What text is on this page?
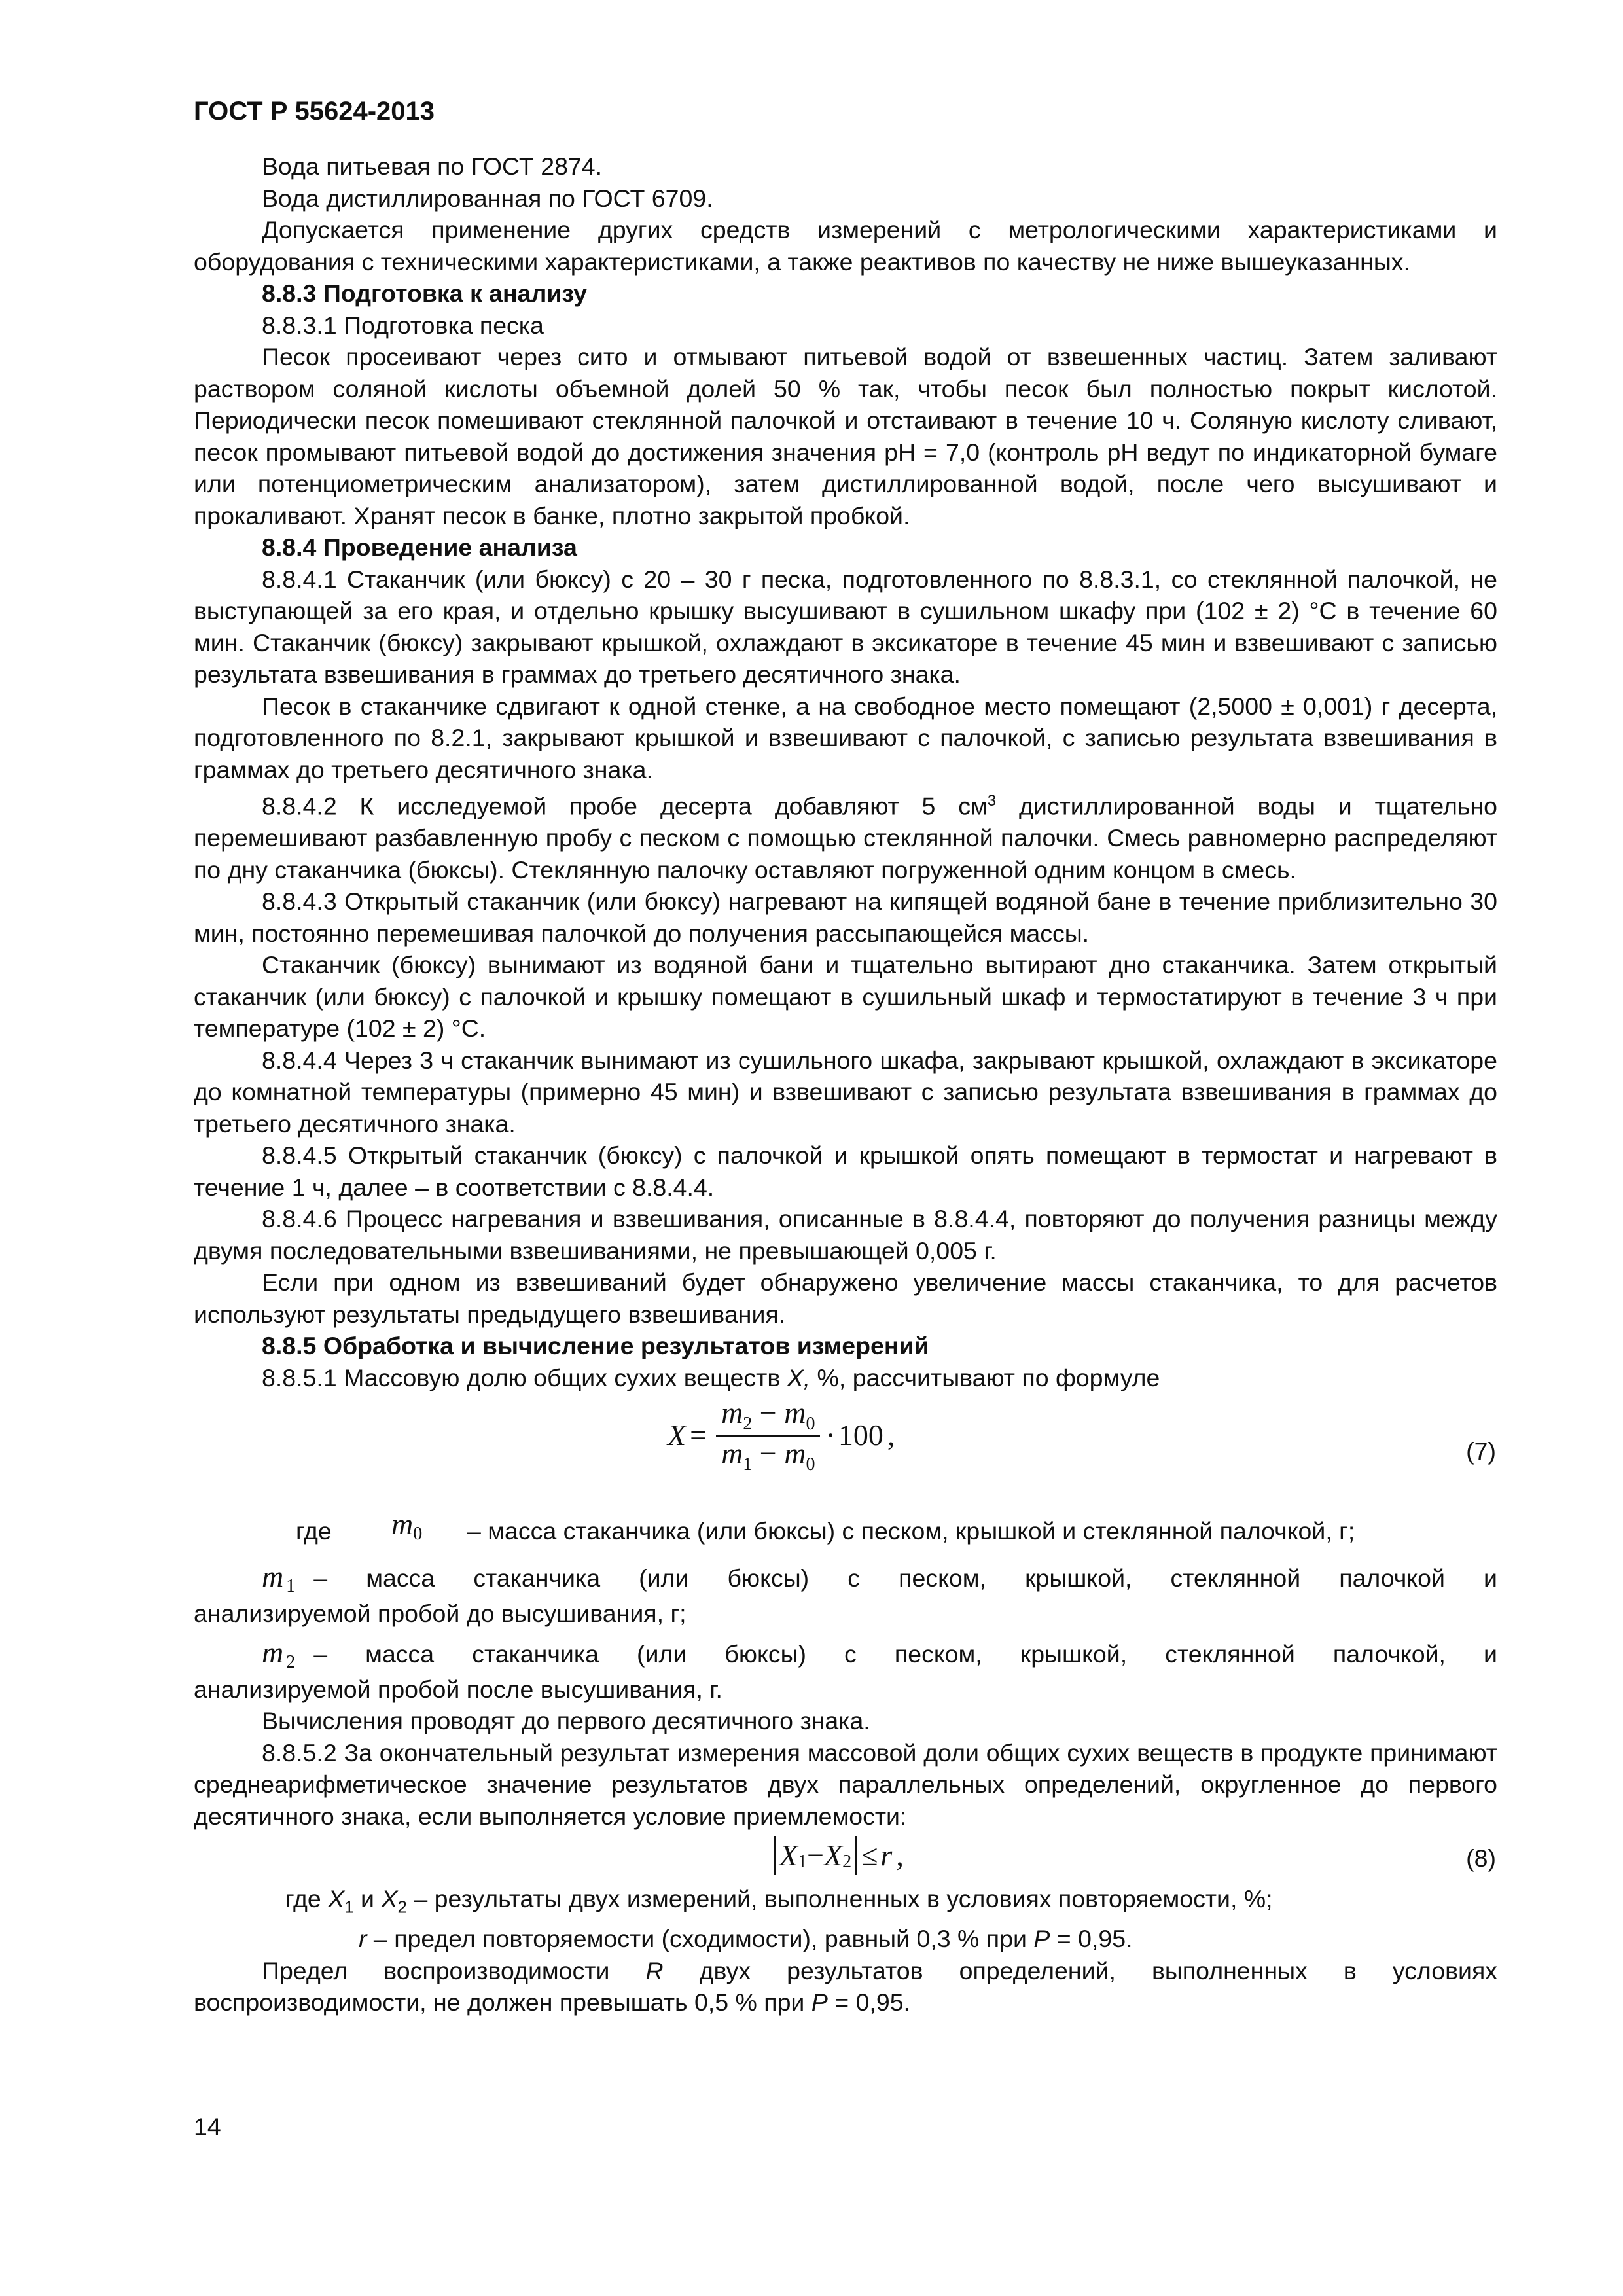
ГОСТ Р 55624-2013

Вода питьевая по ГОСТ 2874.

Вода дистиллированная по ГОСТ 6709.

Допускается применение других средств измерений с метрологическими характеристиками и оборудования с техническими характеристиками, а также реактивов по качеству не ниже вышеуказанных.

8.8.3 Подготовка к анализу

8.8.3.1 Подготовка песка

Песок просеивают через сито и отмывают питьевой водой от взвешенных частиц. Затем заливают раствором соляной кислоты объемной долей 50 % так, чтобы песок был полностью покрыт кислотой. Периодически песок помешивают стеклянной палочкой и отстаивают в течение 10 ч. Соляную кислоту сливают, песок промывают питьевой водой до достижения значения pH = 7,0 (контроль pH ведут по индикаторной бумаге или потенциометрическим анализатором), затем дистиллированной водой, после чего высушивают и прокаливают. Хранят песок в банке, плотно закрытой пробкой.

8.8.4 Проведение анализа

8.8.4.1 Стаканчик (или бюксу) с 20 – 30 г песка, подготовленного по 8.8.3.1, со стеклянной палочкой, не выступающей за его края, и отдельно крышку высушивают в сушильном шкафу при (102 ± 2) °С в течение 60 мин. Стаканчик (бюксу) закрывают крышкой, охлаждают в эксикаторе в течение 45 мин и взвешивают с записью результата взвешивания в граммах до третьего десятичного знака.

Песок в стаканчике сдвигают к одной стенке, а на свободное место помещают (2,5000 ± 0,001) г десерта, подготовленного по 8.2.1, закрывают крышкой и взвешивают с палочкой, с записью результата взвешивания в граммах до третьего десятичного знака.

8.8.4.2 К исследуемой пробе десерта добавляют 5 $см^3$ дистиллированной воды и тщательно перемешивают разбавленную пробу с песком с помощью стеклянной палочки. Смесь равномерно распределяют по дну стаканчика (бюксы). Стеклянную палочку оставляют погруженной одним концом в смесь.

8.8.4.3 Открытый стаканчик (или бюксу) нагревают на кипящей водяной бане в течение приблизительно 30 мин, постоянно перемешивая палочкой до получения рассыпающейся массы.

Стаканчик (бюксу) вынимают из водяной бани и тщательно вытирают дно стаканчика. Затем открытый стаканчик (или бюксу) с палочкой и крышку помещают в сушильный шкаф и термостатируют в течение 3 ч при температуре (102 ± 2) °С.

8.8.4.4 Через 3 ч стаканчик вынимают из сушильного шкафа, закрывают крышкой, охлаждают в эксикаторе до комнатной температуры (примерно 45 мин) и взвешивают с записью результата взвешивания в граммах до третьего десятичного знака.

8.8.4.5 Открытый стаканчик (бюксу) с палочкой и крышкой опять помещают в термостат и нагревают в течение 1 ч, далее – в соответствии с 8.8.4.4.

8.8.4.6 Процесс нагревания и взвешивания, описанные в 8.8.4.4, повторяют до получения разницы между двумя последовательными взвешиваниями, не превышающей 0,005 г.

Если при одном из взвешиваний будет обнаружено увеличение массы стаканчика, то для расчетов используют результаты предыдущего взвешивания.

8.8.5 Обработка и вычисление результатов измерений

8.8.5.1 Массовую долю общих сухих веществ X, %, рассчитывают по формуле

$X = \frac{m_2 - m_0}{m_1 - m_0} \cdot 100$ ,	(7)
где $m_0$ – масса стаканчика (или бюксы) с песком, крышкой и стеклянной палочкой, г;
m $_1$ – масса стаканчика (или бюксы) с песком, крышкой, стеклянной палочкой и

анализируемой пробой до высушивания, г;

m $_2$ – масса стаканчика (или бюксы) с песком, крышкой, стеклянной палочкой, и

анализируемой пробой после высушивания, г.

Вычисления проводят до первого десятичного знака.

8.8.5.2 За окончательный результат измерения массовой доли общих сухих веществ в продукте принимают среднеарифметическое значение результатов двух параллельных определений, округленное до первого десятичного знака, если выполняется условие приемлемости:

X 1 − X 2 ≤ r ,	(8)

где $X_1$ и $X_2$ – результаты двух измерений, выполненных в условиях повторяемости, %;

r – предел повторяемости (сходимости), равный 0,3 % при P = 0,95.

Предел воспроизводимости R двух результатов определений, выполненных в условиях воспроизводимости, не должен превышать 0,5 % при P = 0,95.

14
